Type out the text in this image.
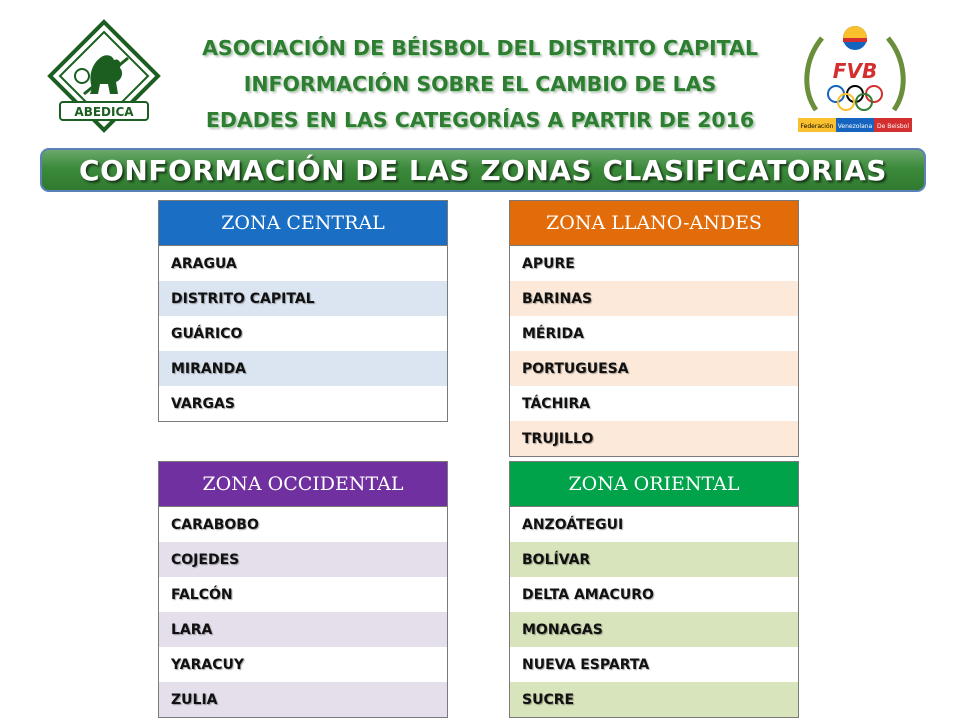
ABEDICA
FVB
Federación Venezolana De Beisbol
ASOCIACIÓN DE BÉISBOL DEL DISTRITO CAPITAL
INFORMACIÓN SOBRE EL CAMBIO DE LAS
EDADES EN LAS CATEGORÍAS A PARTIR DE 2016
CONFORMACIÓN DE LAS ZONAS CLASIFICATORIAS
ZONA CENTRAL
ARAGUA
DISTRITO CAPITAL
GUÁRICO
MIRANDA
VARGAS
ZONA LLANO-ANDES
APURE
BARINAS
MÉRIDA
PORTUGUESA
TÁCHIRA
TRUJILLO
ZONA OCCIDENTAL
CARABOBO
COJEDES
FALCÓN
LARA
YARACUY
ZULIA
ZONA ORIENTAL
ANZOÁTEGUI
BOLÍVAR
DELTA AMACURO
MONAGAS
NUEVA ESPARTA
SUCRE
